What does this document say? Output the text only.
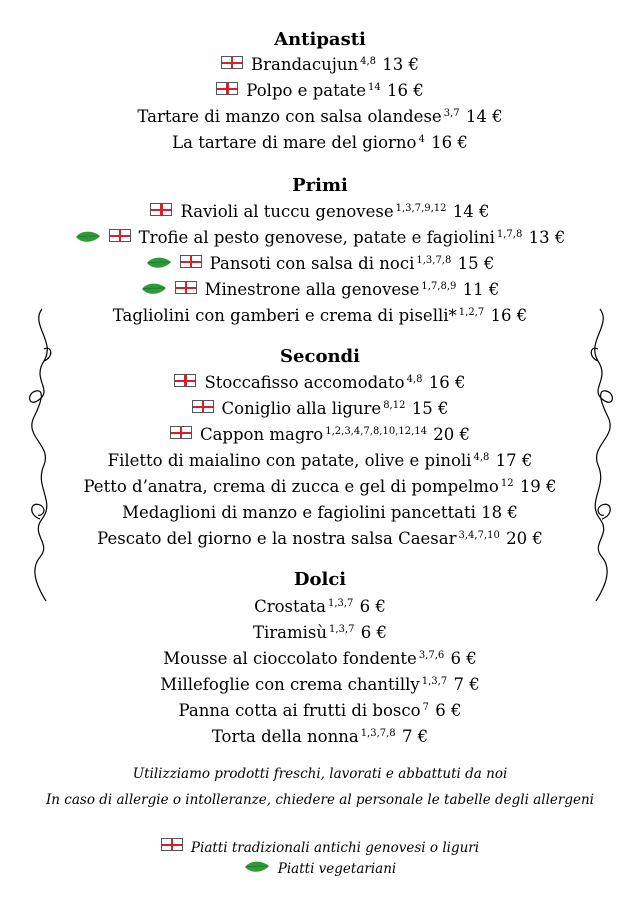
Antipasti
Brandacujun $^{4,8}$ 13 €
Polpo e patate $^{14}$ 16 €
Tartare di manzo con salsa olandese $^{3,7}$ 14 €
La tartare di mare del giorno $^4$ 16 €
Primi
Ravioli al tuccu genovese $^{1,3,7,9,12}$ 14 €
Trofie al pesto genovese, patate e fagiolini $^{1,7,8}$ 13 €
Pansoti con salsa di noci $^{1,3,7,8}$ 15 €
Minestrone alla genovese $^{1,7,8,9}$ 11 €
Tagliolini con gamberi e crema di piselli* $^{1,2,7}$ 16 €
Secondi
Stoccafisso accomodato $^{4,8}$ 16 €
Coniglio alla ligure $^{8,12}$ 15 €
Cappon magro $^{1,2,3,4,7,8,10,12,14}$ 20 €
Filetto di maialino con patate, olive e pinoli $^{4,8}$ 17 €
Petto d’anatra, crema di zucca e gel di pompelmo $^{12}$ 19 €
Medaglioni di manzo e fagiolini pancettati 18 €
Pescato del giorno e la nostra salsa Caesar $^{3,4,7,10}$ 20 €
Dolci
Crostata $^{1,3,7}$ 6 €
Tiramisù $^{1,3,7}$ 6 €
Mousse al cioccolato fondente $^{3,7,6}$ 6 €
Millefoglie con crema chantilly $^{1,3,7}$ 7 €
Panna cotta ai frutti di bosco $^7$ 6 €
Torta della nonna $^{1,3,7,8}$ 7 €
Utilizziamo prodotti freschi, lavorati e abbattuti da noi
In caso di allergie o intolleranze, chiedere al personale le tabelle degli allergeni
Piatti tradizionali antichi genovesi o liguri
Piatti vegetariani
